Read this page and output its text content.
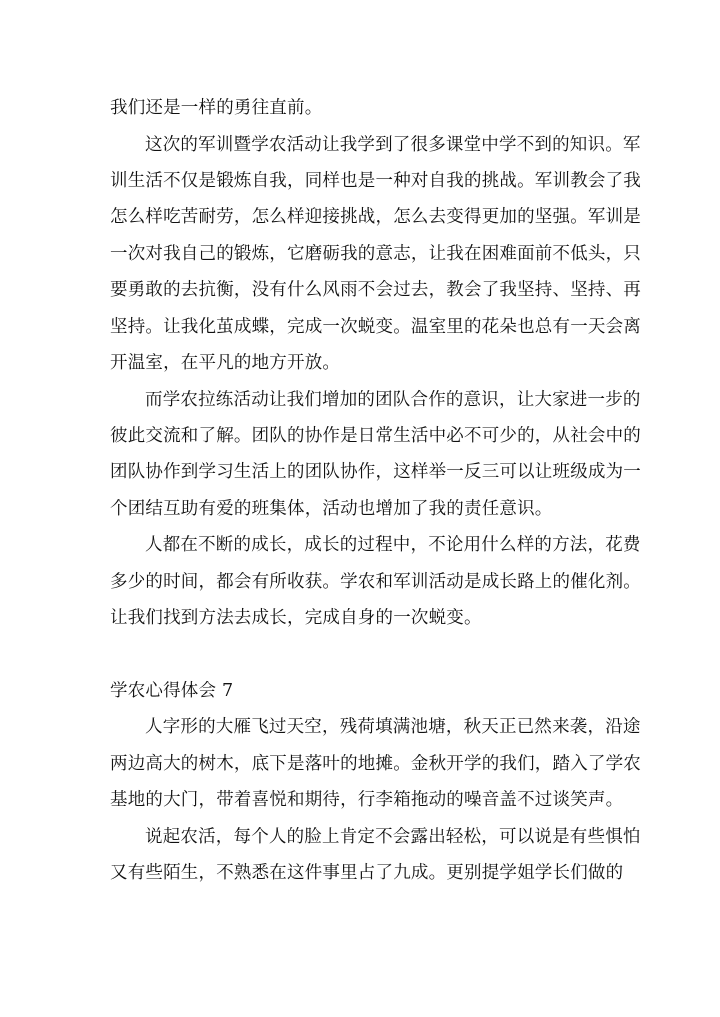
我们还是一样的勇往直前。
这次的军训暨学农活动让我学到了很多课堂中学不到的知识。军
训生活不仅是锻炼自我，同样也是一种对自我的挑战。军训教会了我
怎么样吃苦耐劳，怎么样迎接挑战，怎么去变得更加的坚强。军训是
一次对我自己的锻炼，它磨砺我的意志，让我在困难面前不低头，只
要勇敢的去抗衡，没有什么风雨不会过去，教会了我坚持、坚持、再
坚持。让我化茧成蝶，完成一次蜕变。温室里的花朵也总有一天会离
开温室，在平凡的地方开放。
而学农拉练活动让我们增加的团队合作的意识，让大家进一步的
彼此交流和了解。团队的协作是日常生活中必不可少的，从社会中的
团队协作到学习生活上的团队协作，这样举一反三可以让班级成为一
个团结互助有爱的班集体，活动也增加了我的责任意识。
人都在不断的成长，成长的过程中，不论用什么样的方法，花费
多少的时间，都会有所收获。学农和军训活动是成长路上的催化剂。
让我们找到方法去成长，完成自身的一次蜕变。
学农心得体会 7
人字形的大雁飞过天空，残荷填满池塘，秋天正已然来袭，沿途
两边高大的树木，底下是落叶的地摊。金秋开学的我们，踏入了学农
基地的大门，带着喜悦和期待，行李箱拖动的噪音盖不过谈笑声。
说起农活，每个人的脸上肯定不会露出轻松，可以说是有些惧怕
又有些陌生，不熟悉在这件事里占了九成。更别提学姐学长们做的
